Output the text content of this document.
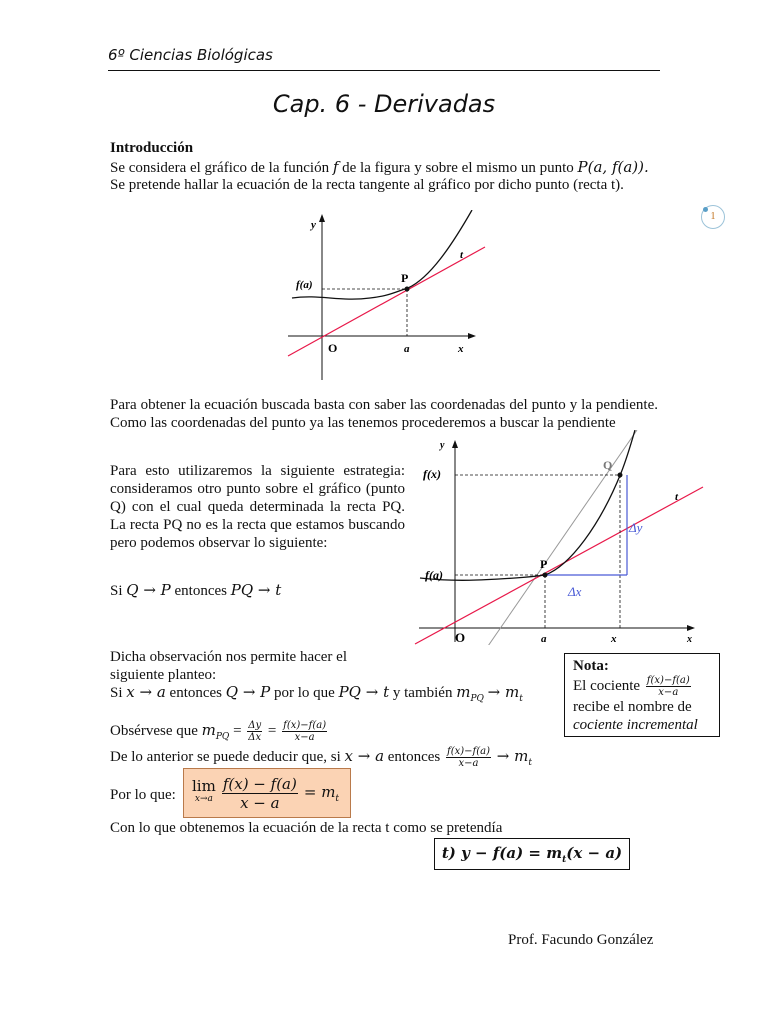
6º Ciencias Biológicas
Cap. 6 - Derivadas
1
Introducción
Se considera el gráfico de la función f de la figura y sobre el mismo un punto P(a, f(a)).
Se pretende hallar la ecuación de la recta tangente al gráfico por dicho punto (recta t).
y
t
f(a)	P
O	a	x
Para obtener la ecuación buscada basta con saber las coordenadas del punto y la pendiente. Como las coordenadas del punto ya las tenemos procederemos a buscar la pendiente
Para esto utilizaremos la siguiente estrategia: consideramos otro punto sobre el gráfico (punto Q) con el cual queda determinada la recta PQ. La recta PQ no es la recta que estamos buscando pero podemos observar lo siguiente:
Si Q → P entonces PQ → t
y
f(x)
Q
t
Δy
P
f(a)
Δx
O	a	x	x
Dicha observación nos permite hacer el
siguiente planteo:
Si x → a entonces Q → P por lo que PQ → t y también $m_{PQ} \to m_t$
Nota:
El cociente $\frac{f(x)-f(a)}{x-a}$
recibe el nombre de
cociente incremental
Obsérvese que $m_{PQ} = \frac{\Delta y}{\Delta x} = \frac{f(x)-f(a)}{x-a}$
De lo anterior se puede deducir que, si x → a entonces $\frac{f(x)-f(a)}{x-a} \to m_t$
Por lo que: lim
$x\to a \frac{f(x) - f(a)}{x - a} = m_t$
Con lo que obtenemos la ecuación de la recta t como se pretendía
t) $y - f(a) = m_t(x - a)$
Prof. Facundo González
